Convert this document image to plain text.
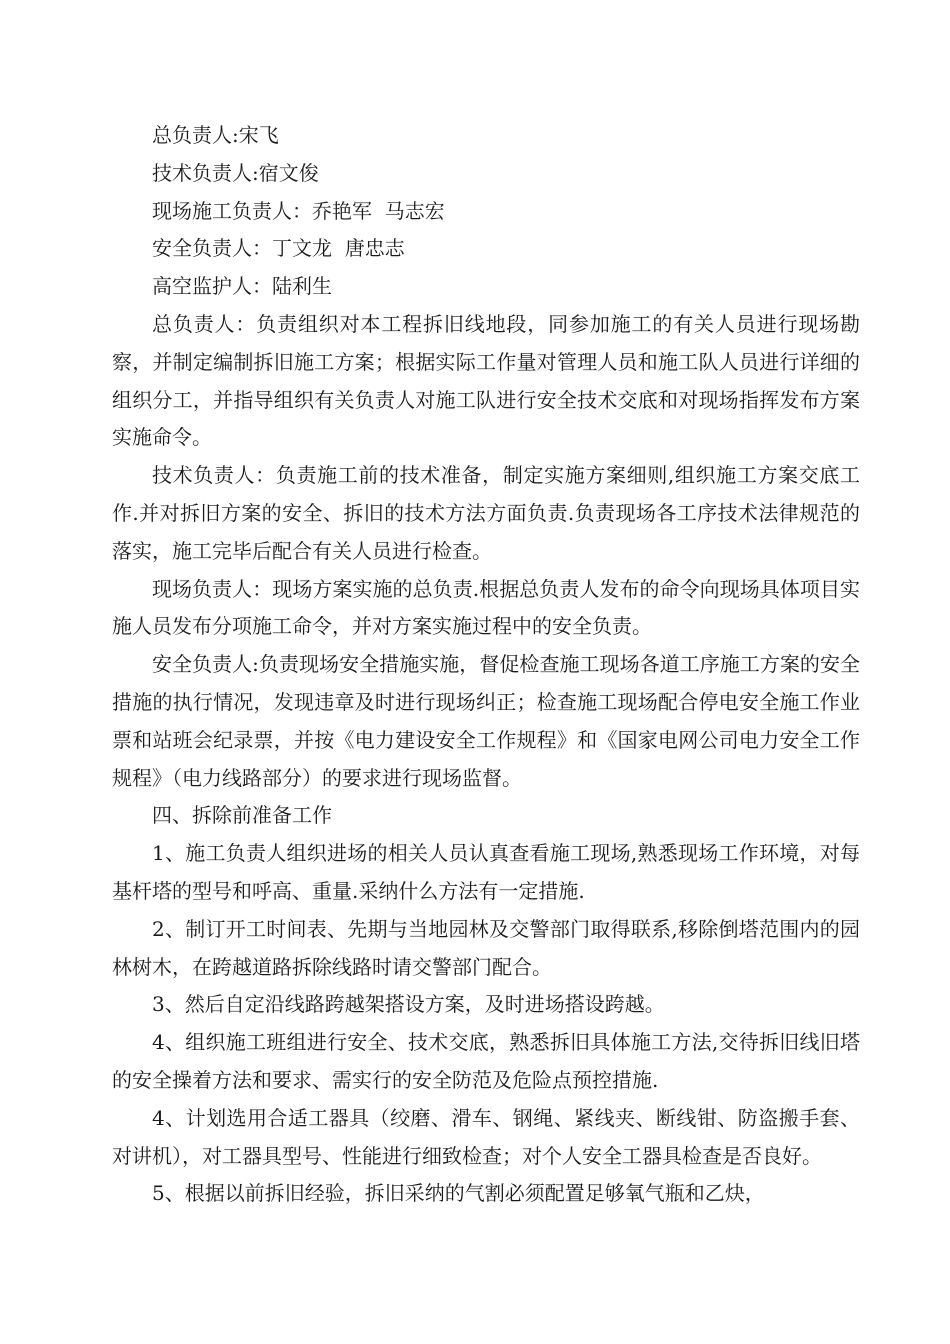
总负责人:宋飞

技术负责人:宿文俊

现场施工负责人：乔艳军  马志宏

安全负责人：丁文龙  唐忠志

高空监护人：陆利生

总负责人：负责组织对本工程拆旧线地段，同参加施工的有关人员进行现场勘察，并制定编制拆旧施工方案；根据实际工作量对管理人员和施工队人员进行详细的组织分工，并指导组织有关负责人对施工队进行安全技术交底和对现场指挥发布方案实施命令。

技术负责人：负责施工前的技术准备，制定实施方案细则,组织施工方案交底工作.并对拆旧方案的安全、拆旧的技术方法方面负责.负责现场各工序技术法律规范的落实，施工完毕后配合有关人员进行检查。

现场负责人：现场方案实施的总负责.根据总负责人发布的命令向现场具体项目实施人员发布分项施工命令，并对方案实施过程中的安全负责。

安全负责人:负责现场安全措施实施，督促检查施工现场各道工序施工方案的安全措施的执行情况，发现违章及时进行现场纠正；检查施工现场配合停电安全施工作业票和站班会纪录票，并按《电力建设安全工作规程》和《国家电网公司电力安全工作规程》（电力线路部分）的要求进行现场监督。

四、拆除前准备工作

1、施工负责人组织进场的相关人员认真查看施工现场,熟悉现场工作环境，对每基杆塔的型号和呼高、重量.采纳什么方法有一定措施.

2、制订开工时间表、先期与当地园林及交警部门取得联系,移除倒塔范围内的园林树木，在跨越道路拆除线路时请交警部门配合。

3、然后自定沿线路跨越架搭设方案，及时进场搭设跨越。

4、组织施工班组进行安全、技术交底，熟悉拆旧具体施工方法,交待拆旧线旧塔的安全操着方法和要求、需实行的安全防范及危险点预控措施.

4、计划选用合适工器具（绞磨、滑车、钢绳、紧线夹、断线钳、防盗搬手套、对讲机），对工器具型号、性能进行细致检查；对个人安全工器具检查是否良好。

5、根据以前拆旧经验，拆旧采纳的气割必须配置足够氧气瓶和乙炔，
